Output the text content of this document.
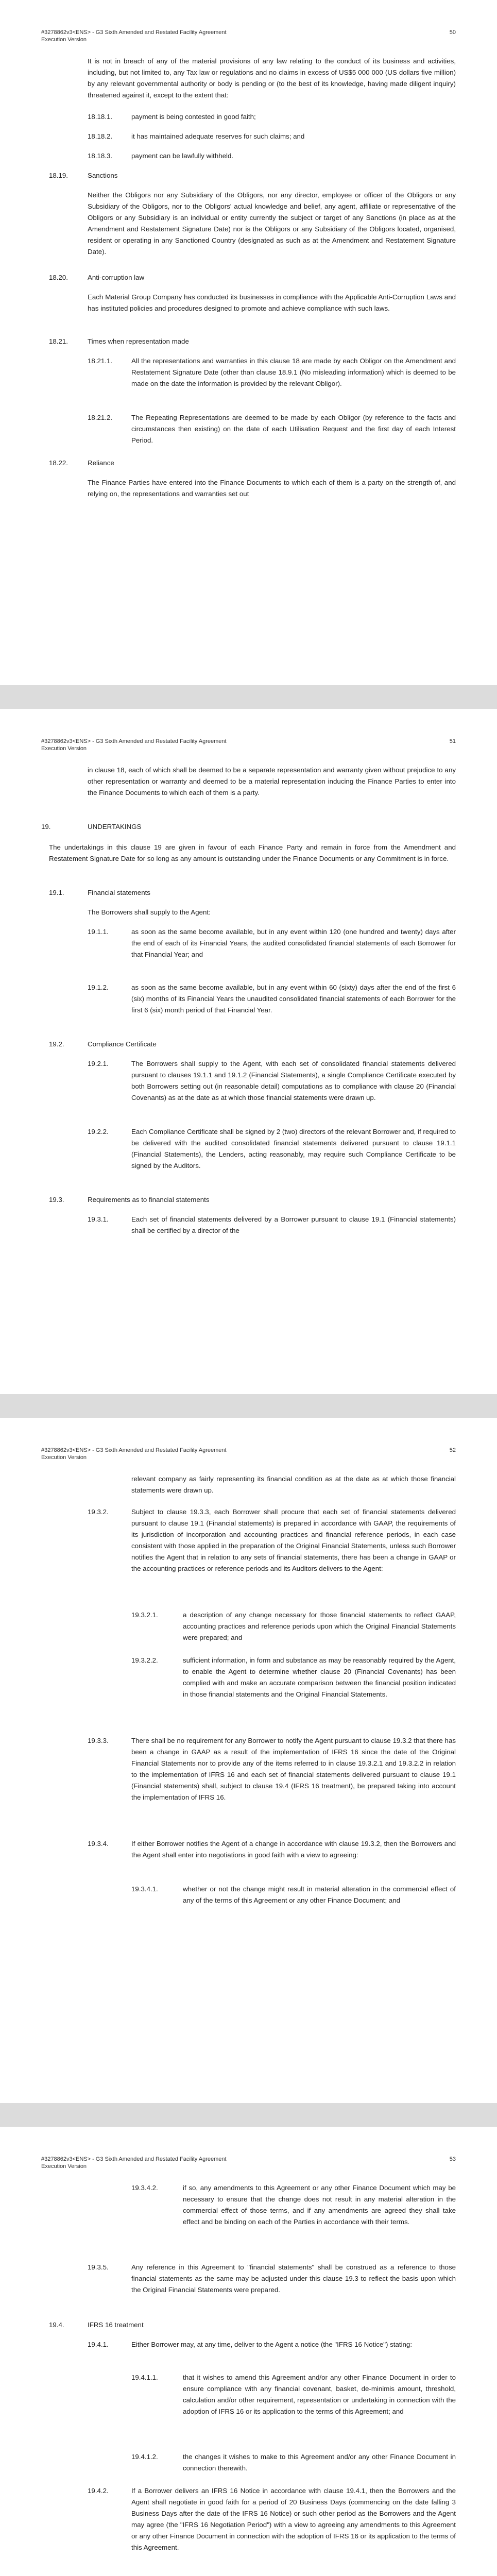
#3278862v3<ENS> - G3 Sixth Amended and Restated Facility Agreement
Execution Version
50
It is not in breach of any of the material provisions of any law relating to the conduct of its business and activities, including, but not limited to, any Tax law or regulations and no claims in excess of US$5 000 000 (US dollars five million) by any relevant governmental authority or body is pending or (to the best of its knowledge, having made diligent inquiry) threatened against it, except to the extent that:
18.18.1.	payment is being contested in good faith;
18.18.2.	it has maintained adequate reserves for such claims; and
18.18.3.	payment can be lawfully withheld.
18.19.	Sanctions
Neither the Obligors nor any Subsidiary of the Obligors, nor any director, employee or officer of the Obligors or any Subsidiary of the Obligors, nor to the Obligors' actual knowledge and belief, any agent, affiliate or representative of the Obligors or any Subsidiary is an individual or entity currently the subject or target of any Sanctions (in place as at the Amendment and Restatement Signature Date) nor is the Obligors or any Subsidiary of the Obligors located, organised, resident or operating in any Sanctioned Country (designated as such as at the Amendment and Restatement Signature Date).
18.20.	Anti-corruption law
Each Material Group Company has conducted its businesses in compliance with the Applicable Anti-Corruption Laws and has instituted policies and procedures designed to promote and achieve compliance with such laws.
18.21.	Times when representation made
18.21.1.	All the representations and warranties in this clause 18 are made by each Obligor on the Amendment and Restatement Signature Date (other than clause 18.9.1 (No misleading information) which is deemed to be made on the date the information is provided by the relevant Obligor).
18.21.2.	The Repeating Representations are deemed to be made by each Obligor (by reference to the facts and circumstances then existing) on the date of each Utilisation Request and the first day of each Interest Period.
18.22.	Reliance
The Finance Parties have entered into the Finance Documents to which each of them is a party on the strength of, and relying on, the representations and warranties set out
#3278862v3<ENS> - G3 Sixth Amended and Restated Facility Agreement
Execution Version
51
in clause 18, each of which shall be deemed to be a separate representation and warranty given without prejudice to any other representation or warranty and deemed to be a material representation inducing the Finance Parties to enter into the Finance Documents to which each of them is a party.
19.	UNDERTAKINGS
The undertakings in this clause 19 are given in favour of each Finance Party and remain in force from the Amendment and Restatement Signature Date for so long as any amount is outstanding under the Finance Documents or any Commitment is in force.
19.1.	Financial statements
The Borrowers shall supply to the Agent:
19.1.1.	as soon as the same become available, but in any event within 120 (one hundred and twenty) days after the end of each of its Financial Years, the audited consolidated financial statements of each Borrower for that Financial Year; and
19.1.2.	as soon as the same become available, but in any event within 60 (sixty) days after the end of the first 6 (six) months of its Financial Years the unaudited consolidated financial statements of each Borrower for the first 6 (six) month period of that Financial Year.
19.2.	Compliance Certificate
19.2.1.	The Borrowers shall supply to the Agent, with each set of consolidated financial statements delivered pursuant to clauses 19.1.1 and 19.1.2 (Financial Statements), a single Compliance Certificate executed by both Borrowers setting out (in reasonable detail) computations as to compliance with clause 20 (Financial Covenants) as at the date as at which those financial statements were drawn up.
19.2.2.	Each Compliance Certificate shall be signed by 2 (two) directors of the relevant Borrower and, if required to be delivered with the audited consolidated financial statements delivered pursuant to clause 19.1.1 (Financial Statements), the Lenders, acting reasonably, may require such Compliance Certificate to be signed by the Auditors.
19.3.	Requirements as to financial statements
19.3.1.	Each set of financial statements delivered by a Borrower pursuant to clause 19.1 (Financial statements) shall be certified by a director of the
#3278862v3<ENS> - G3 Sixth Amended and Restated Facility Agreement
Execution Version
52
relevant company as fairly representing its financial condition as at the date as at which those financial statements were drawn up.
19.3.2.	Subject to clause 19.3.3, each Borrower shall procure that each set of financial statements delivered pursuant to clause 19.1 (Financial statements) is prepared in accordance with GAAP, the requirements of its jurisdiction of incorporation and accounting practices and financial reference periods, in each case consistent with those applied in the preparation of the Original Financial Statements, unless such Borrower notifies the Agent that in relation to any sets of financial statements, there has been a change in GAAP or the accounting practices or reference periods and its Auditors delivers to the Agent:
19.3.2.1.	a description of any change necessary for those financial statements to reflect GAAP, accounting practices and reference periods upon which the Original Financial Statements were prepared; and
19.3.2.2.	sufficient information, in form and substance as may be reasonably required by the Agent, to enable the Agent to determine whether clause 20 (Financial Covenants) has been complied with and make an accurate comparison between the financial position indicated in those financial statements and the Original Financial Statements.
19.3.3.	There shall be no requirement for any Borrower to notify the Agent pursuant to clause 19.3.2 that there has been a change in GAAP as a result of the implementation of IFRS 16 since the date of the Original Financial Statements nor to provide any of the items referred to in clause 19.3.2.1 and 19.3.2.2 in relation to the implementation of IFRS 16 and each set of financial statements delivered pursuant to clause 19.1 (Financial statements) shall, subject to clause 19.4 (IFRS 16 treatment), be prepared taking into account the implementation of IFRS 16.
19.3.4.	If either Borrower notifies the Agent of a change in accordance with clause 19.3.2, then the Borrowers and the Agent shall enter into negotiations in good faith with a view to agreeing:
19.3.4.1.	whether or not the change might result in material alteration in the commercial effect of any of the terms of this Agreement or any other Finance Document; and
#3278862v3<ENS> - G3 Sixth Amended and Restated Facility Agreement
Execution Version
53
19.3.4.2.	if so, any amendments to this Agreement or any other Finance Document which may be necessary to ensure that the change does not result in any material alteration in the commercial effect of those terms, and if any amendments are agreed they shall take effect and be binding on each of the Parties in accordance with their terms.
19.3.5.	Any reference in this Agreement to "financial statements" shall be construed as a reference to those financial statements as the same may be adjusted under this clause 19.3 to reflect the basis upon which the Original Financial Statements were prepared.
19.4.	IFRS 16 treatment
19.4.1.	Either Borrower may, at any time, deliver to the Agent a notice (the "IFRS 16 Notice") stating:
19.4.1.1.	that it wishes to amend this Agreement and/or any other Finance Document in order to ensure compliance with any financial covenant, basket, de-minimis amount, threshold, calculation and/or other requirement, representation or undertaking in connection with the adoption of IFRS 16 or its application to the terms of this Agreement; and
19.4.1.2.	the changes it wishes to make to this Agreement and/or any other Finance Document in connection therewith.
19.4.2.	If a Borrower delivers an IFRS 16 Notice in accordance with clause 19.4.1, then the Borrowers and the Agent shall negotiate in good faith for a period of 20 Business Days (commencing on the date falling 3 Business Days after the date of the IFRS 16 Notice) or such other period as the Borrowers and the Agent may agree (the "IFRS 16 Negotiation Period") with a view to agreeing any amendments to this Agreement or any other Finance Document in connection with the adoption of IFRS 16 or its application to the terms of this Agreement.
